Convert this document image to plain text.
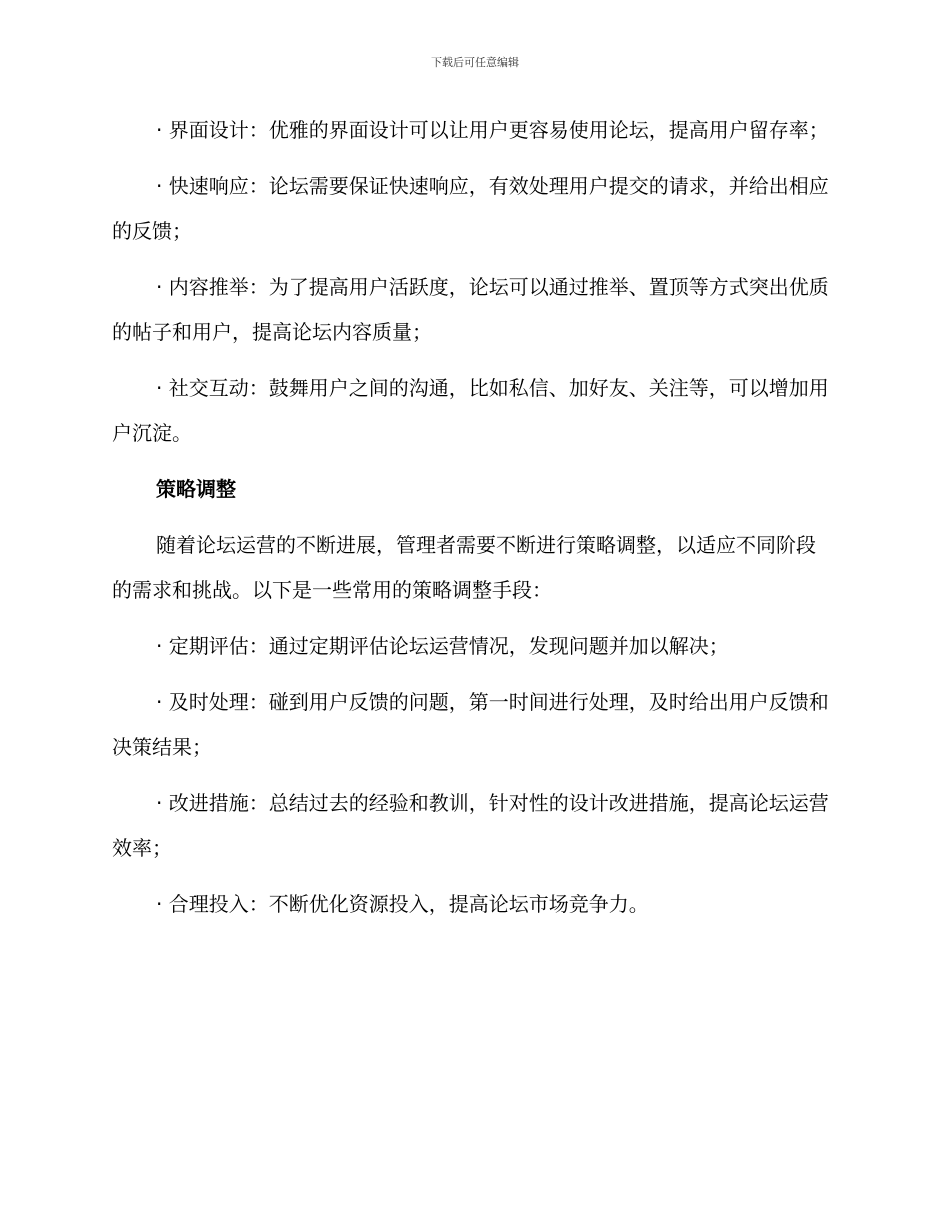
下载后可任意编辑

· 界面设计：优雅的界面设计可以让用户更容易使用论坛，提高用户留存率；

· 快速响应：论坛需要保证快速响应，有效处理用户提交的请求，并给出相应的反馈；

· 内容推举：为了提高用户活跃度，论坛可以通过推举、置顶等方式突出优质的帖子和用户，提高论坛内容质量；

· 社交互动：鼓舞用户之间的沟通，比如私信、加好友、关注等，可以增加用户沉淀。

策略调整

随着论坛运营的不断进展，管理者需要不断进行策略调整，以适应不同阶段的需求和挑战。以下是一些常用的策略调整手段：

· 定期评估：通过定期评估论坛运营情况，发现问题并加以解决；

· 及时处理：碰到用户反馈的问题，第一时间进行处理，及时给出用户反馈和决策结果；

· 改进措施：总结过去的经验和教训，针对性的设计改进措施，提高论坛运营效率；

· 合理投入：不断优化资源投入，提高论坛市场竞争力。
